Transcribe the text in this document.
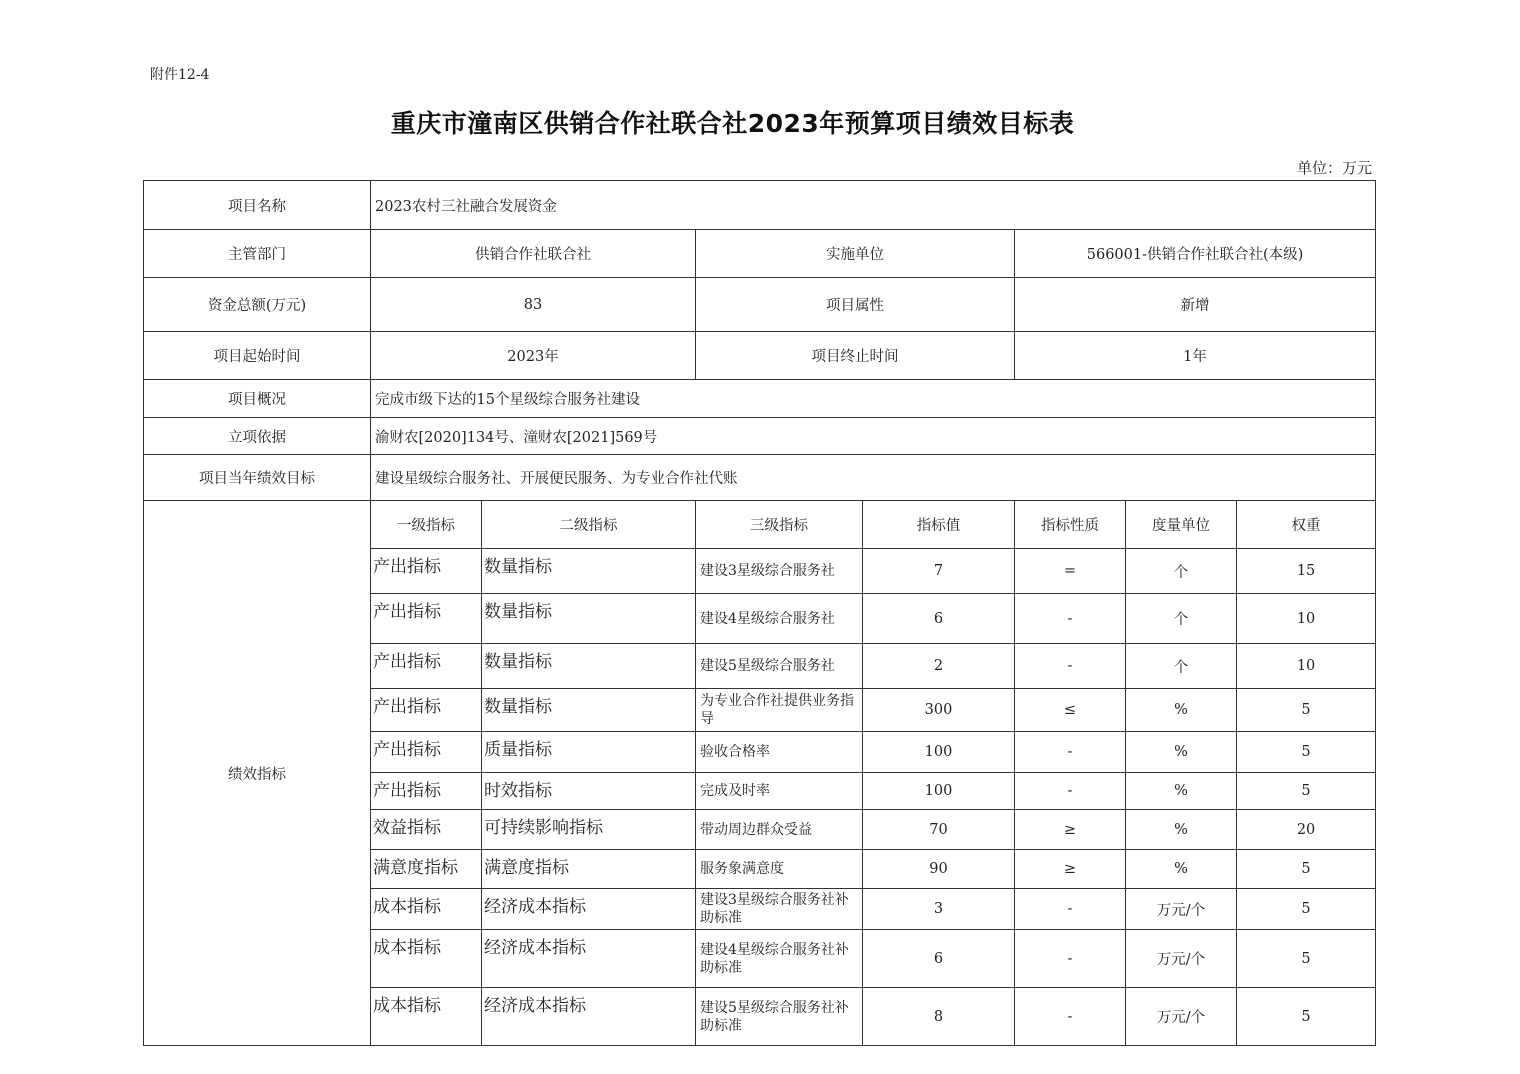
附件12-4
重庆市潼南区供销合作社联合社2023年预算项目绩效目标表
单位：万元
项目名称	2023农村三社融合发展资金						
主管部门	供销合作社联合社		实施单位		566001-供销合作社联合社(本级)		
资金总额(万元)	83		项目属性		新增		
项目起始时间	2023年		项目终止时间		1年		
项目概况	完成市级下达的15个星级综合服务社建设						
立项依据	渝财农[2020]134号、潼财农[2021]569号						
项目当年绩效目标	建设星级综合服务社、开展便民服务、为专业合作社代账						
绩效指标	一级指标	二级指标	三级指标	指标值	指标性质	度量单位	权重
	产出指标	数量指标	建设3星级综合服务社	7	=	个	15
	产出指标	数量指标	建设4星级综合服务社	6	-	个	10
	产出指标	数量指标	建设5星级综合服务社	2	-	个	10
	产出指标	数量指标	为专业合作社提供业务指导	300	≤	%	5
	产出指标	质量指标	验收合格率	100	-	%	5
	产出指标	时效指标	完成及时率	100	-	%	5
	效益指标	可持续影响指标	带动周边群众受益	70	≥	%	20
	满意度指标	满意度指标	服务象满意度	90	≥	%	5
	成本指标	经济成本指标	建设3星级综合服务社补助标准	3	-	万元/个	5
	成本指标	经济成本指标	建设4星级综合服务社补助标准	6	-	万元/个	5
	成本指标	经济成本指标	建设5星级综合服务社补助标准	8	-	万元/个	5
